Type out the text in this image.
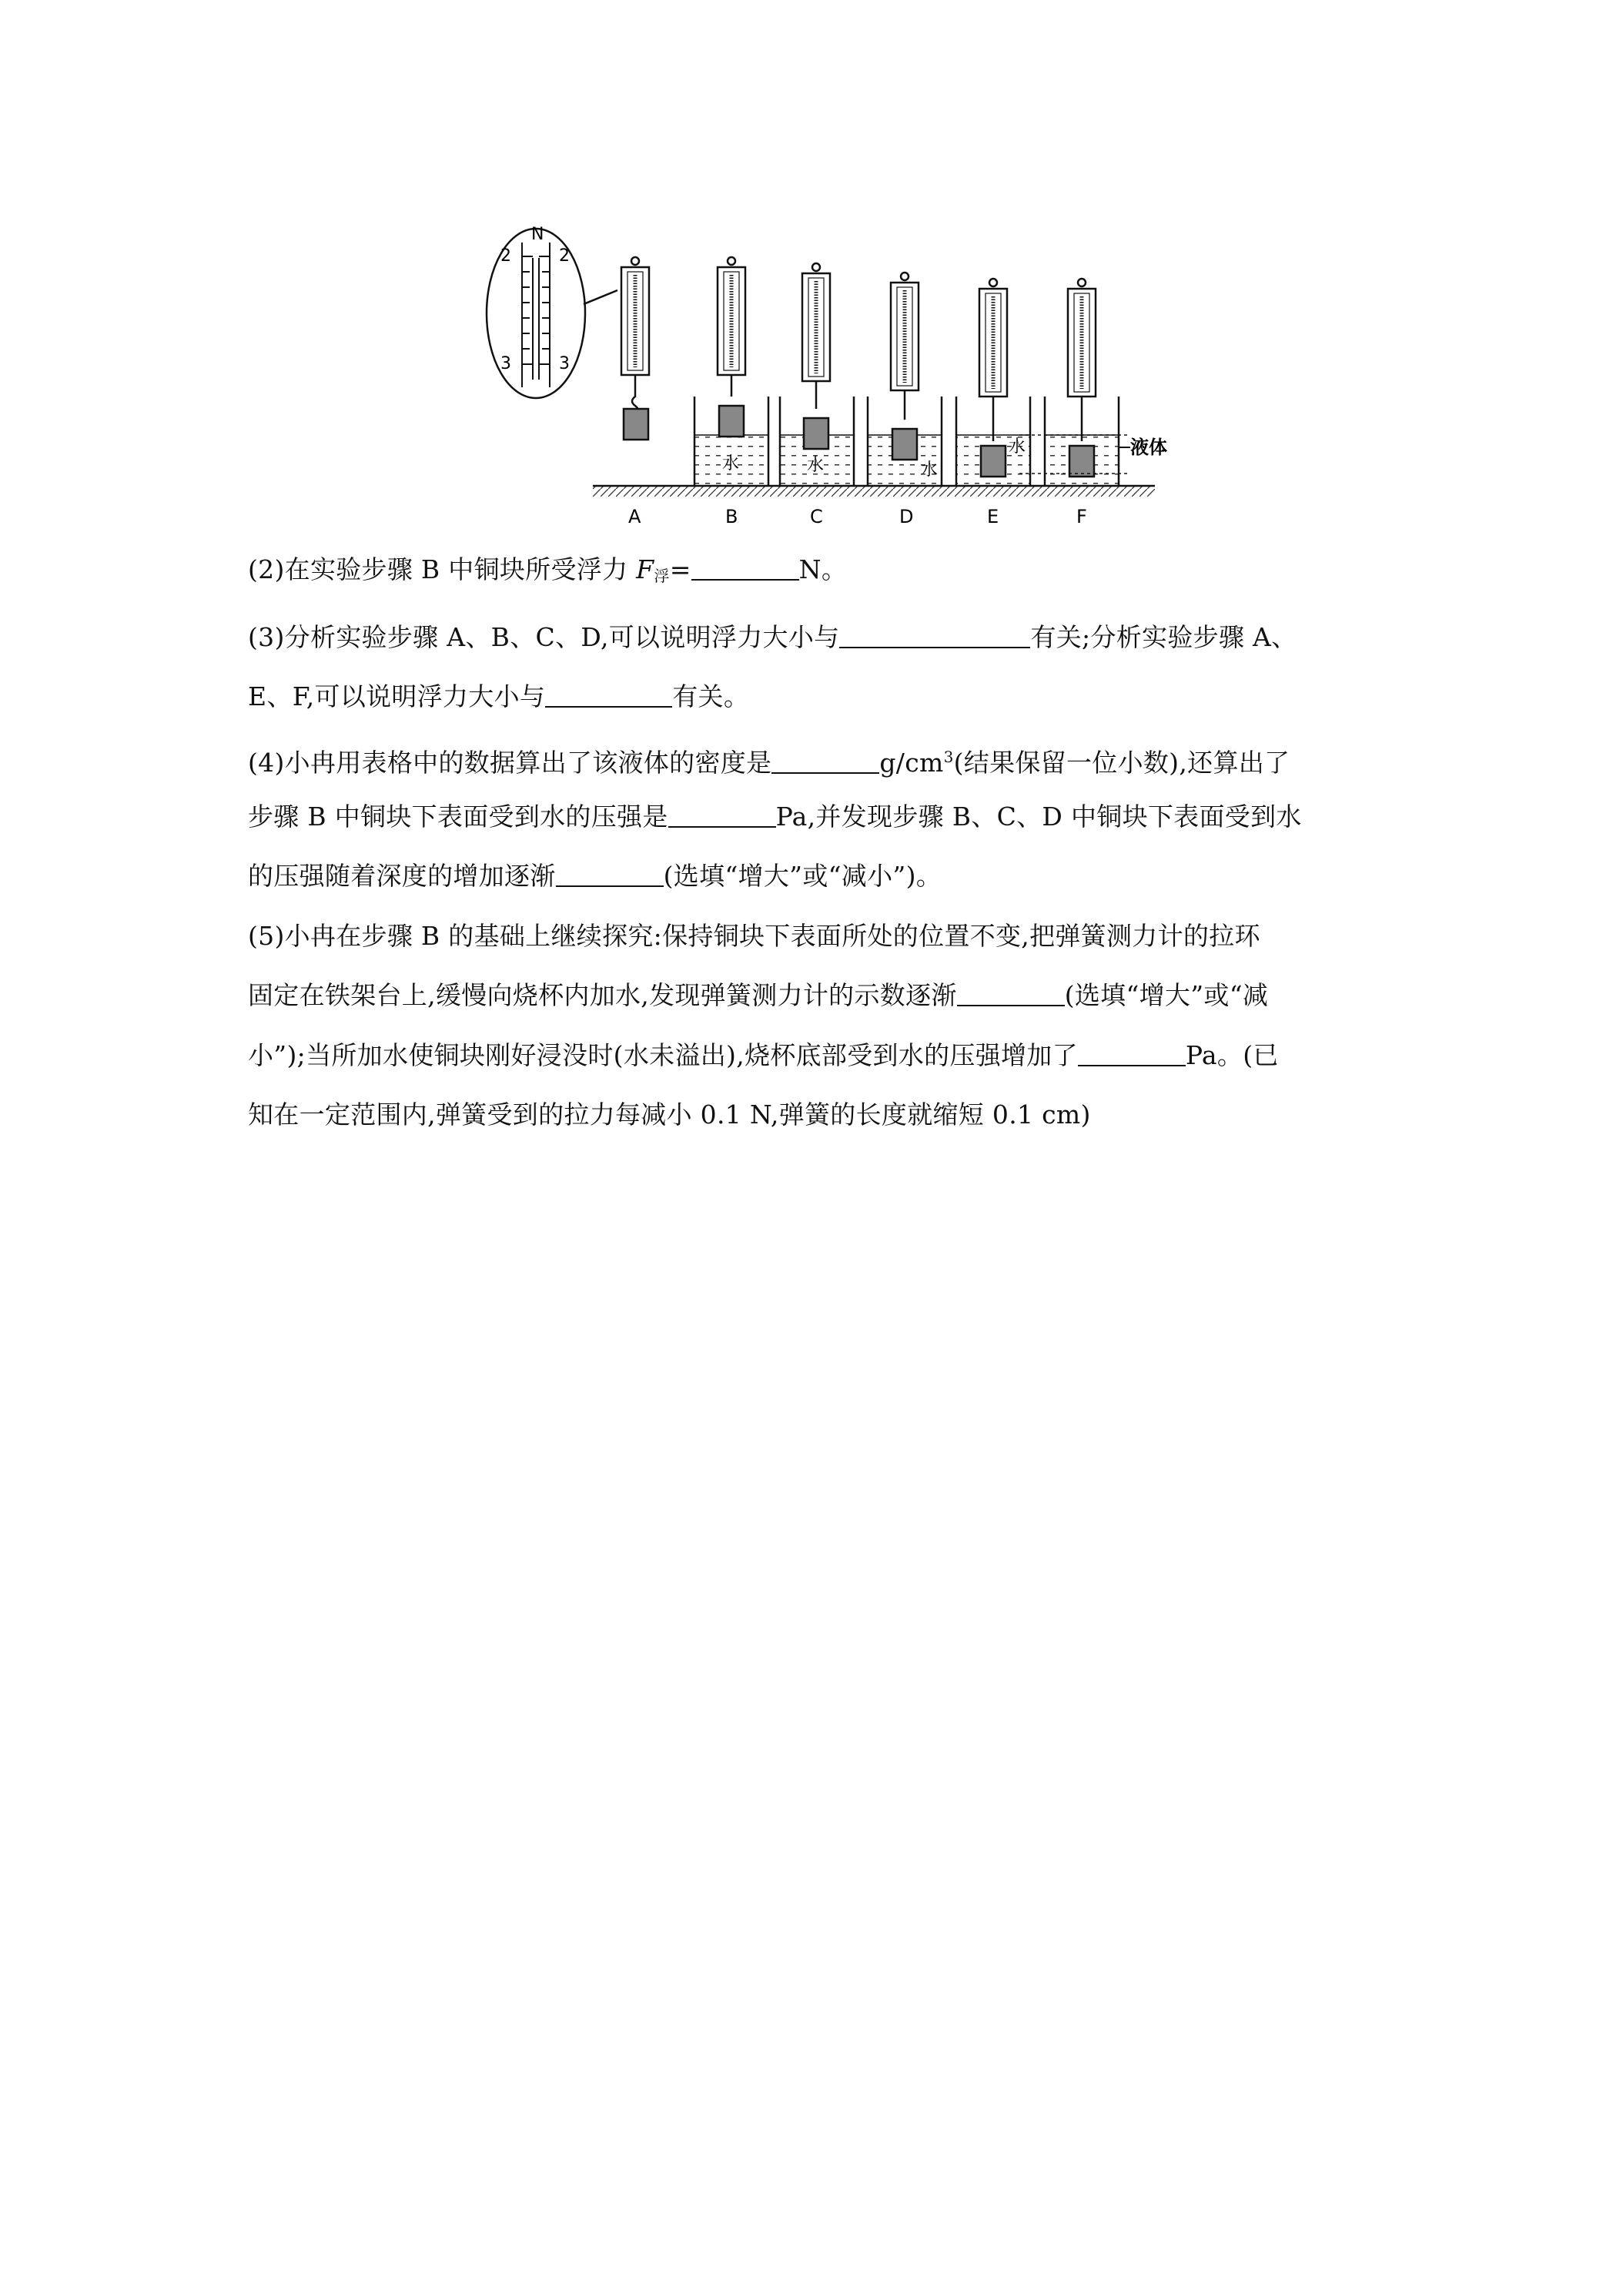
N
2	2
3	3
水	水	水
水	液体
A	B	C	D	E	F
(2)在实验步骤 B 中铜块所受浮力 $F_浮=$	N。
(3)分析实验步骤 A、B、C、D,可以说明浮力大小与	有关;分析实验步骤 A、
E、F,可以说明浮力大小与	有关。
(4)小冉用表格中的数据算出了该液体的密度是	$g/cm^3$(结果保留一位小数),还算出了
步骤 B 中铜块下表面受到水的压强是	Pa,并发现步骤 B、C、D 中铜块下表面受到水
的压强随着深度的增加逐渐	(选填“增大”或“减小”)。
(5)小冉在步骤 B 的基础上继续探究:保持铜块下表面所处的位置不变,把弹簧测力计的拉环
固定在铁架台上,缓慢向烧杯内加水,发现弹簧测力计的示数逐渐	(选填“增大”或“减
小”);当所加水使铜块刚好浸没时(水未溢出),烧杯底部受到水的压强增加了	Pa。(已
知在一定范围内,弹簧受到的拉力每减小 0.1 N,弹簧的长度就缩短 0.1 cm)
